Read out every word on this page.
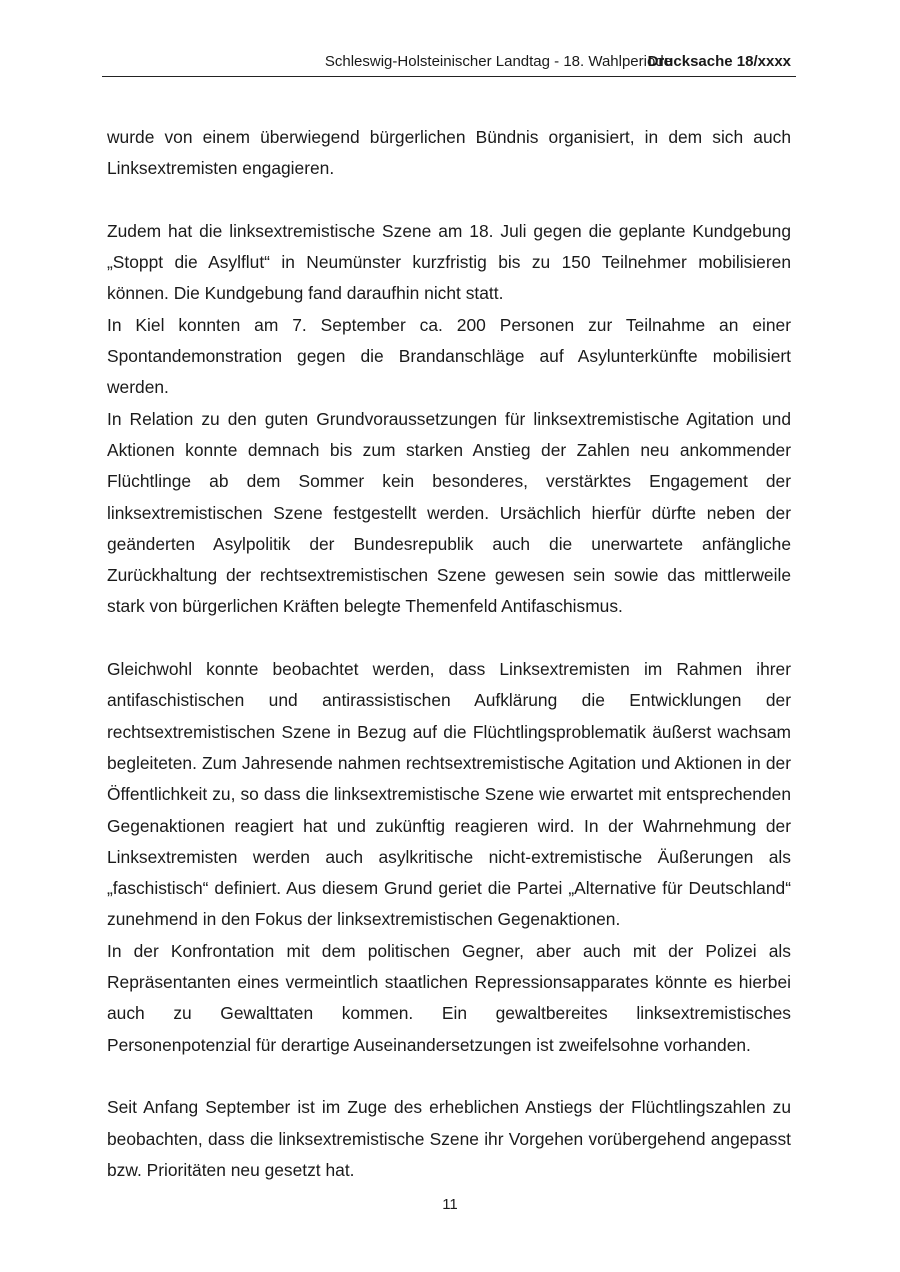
Schleswig-Holsteinischer Landtag - 18. Wahlperiode
Drucksache 18/xxxx

wurde von einem überwiegend bürgerlichen Bündnis organisiert, in dem sich auch Linksextremisten engagieren.

Zudem hat die linksextremistische Szene am 18. Juli gegen die geplante Kundgebung „Stoppt die Asylflut“ in Neumünster kurzfristig bis zu 150 Teilnehmer mobilisieren können. Die Kundgebung fand daraufhin nicht statt.

In Kiel konnten am 7. September ca. 200 Personen zur Teilnahme an einer Spontandemonstration gegen die Brandanschläge auf Asylunterkünfte mobilisiert werden.

In Relation zu den guten Grundvoraussetzungen für linksextremistische Agitation und Aktionen konnte demnach bis zum starken Anstieg der Zahlen neu ankommender Flüchtlinge ab dem Sommer kein besonderes, verstärktes Engagement der linksextremistischen Szene festgestellt werden. Ursächlich hierfür dürfte neben der geänderten Asylpolitik der Bundesrepublik auch die unerwartete anfängliche Zurückhaltung der rechtsextremistischen Szene gewesen sein sowie das mittlerweile stark von bürgerlichen Kräften belegte Themenfeld Antifaschismus.

Gleichwohl konnte beobachtet werden, dass Linksextremisten im Rahmen ihrer antifaschistischen und antirassistischen Aufklärung die Entwicklungen der rechtsextremistischen Szene in Bezug auf die Flüchtlingsproblematik äußerst wachsam begleiteten. Zum Jahresende nahmen rechtsextremistische Agitation und Aktionen in der Öffentlichkeit zu, so dass die linksextremistische Szene wie erwartet mit entsprechenden Gegenaktionen reagiert hat und zukünftig reagieren wird. In der Wahrnehmung der Linksextremisten werden auch asylkritische nicht-extremistische Äußerungen als „faschistisch“ definiert. Aus diesem Grund geriet die Partei „Alternative für Deutschland“ zunehmend in den Fokus der linksextremistischen Gegenaktionen.

In der Konfrontation mit dem politischen Gegner, aber auch mit der Polizei als Repräsentanten eines vermeintlich staatlichen Repressionsapparates könnte es hierbei auch zu Gewalttaten kommen. Ein gewaltbereites linksextremistisches Personenpotenzial für derartige Auseinandersetzungen ist zweifelsohne vorhanden.

Seit Anfang September ist im Zuge des erheblichen Anstiegs der Flüchtlingszahlen zu beobachten, dass die linksextremistische Szene ihr Vorgehen vorübergehend angepasst bzw. Prioritäten neu gesetzt hat.

11
